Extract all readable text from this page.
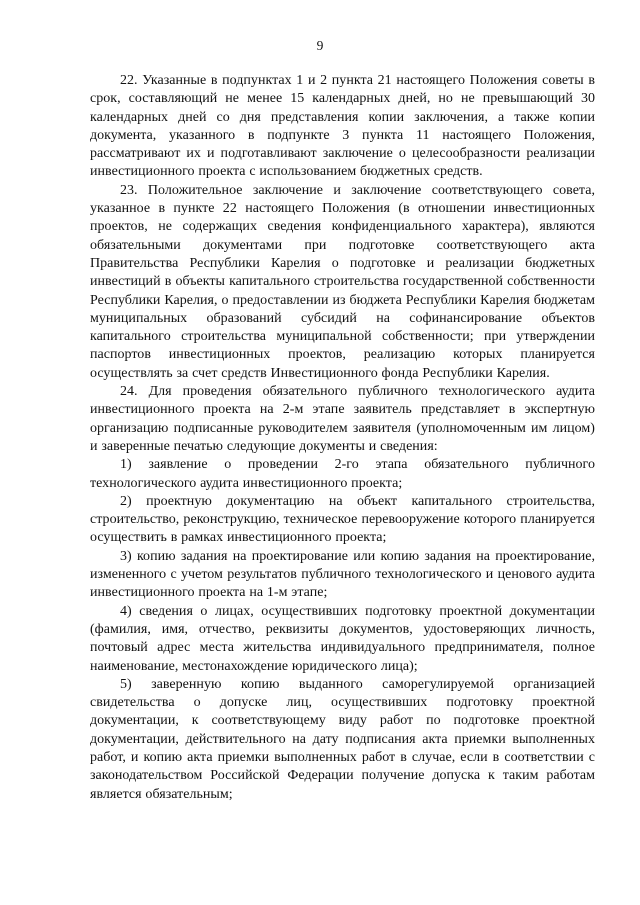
9

22. Указанные в подпунктах 1 и 2 пункта 21 настоящего Положения советы в срок, составляющий не менее 15 календарных дней, но не превышающий 30 календарных дней со дня представления копии заключения, а также копии документа, указанного в подпункте 3 пункта 11 настоящего Положения, рассматривают их и подготавливают заключение о целесообразности реализации инвестиционного проекта с использованием бюджетных средств.

23. Положительное заключение и заключение соответствующего совета, указанное в пункте 22 настоящего Положения (в отношении инвестиционных проектов, не содержащих сведения конфиденциального характера), являются обязательными документами при подготовке соответствующего акта Правительства Республики Карелия о подготовке и реализации бюджетных инвестиций в объекты капитального строительства государственной собственности Республики Карелия, о предоставлении из бюджета Республики Карелия бюджетам муниципальных образований субсидий на софинансирование объектов капитального строительства муниципальной собственности; при утверждении паспортов инвестиционных проектов, реализацию которых планируется осуществлять за счет средств Инвестиционного фонда Республики Карелия.

24. Для проведения обязательного публичного технологического аудита инвестиционного проекта на 2-м этапе заявитель представляет в экспертную организацию подписанные руководителем заявителя (уполномоченным им лицом) и заверенные печатью следующие документы и сведения:

1) заявление о проведении 2-го этапа обязательного публичного технологического аудита инвестиционного проекта;

2) проектную документацию на объект капитального строительства, строительство, реконструкцию, техническое перевооружение которого планируется осуществить в рамках инвестиционного проекта;

3) копию задания на проектирование или копию задания на проектирование, измененного с учетом результатов публичного технологического и ценового аудита инвестиционного проекта на 1-м этапе;

4) сведения о лицах, осуществивших подготовку проектной документации (фамилия, имя, отчество, реквизиты документов, удостоверяющих личность, почтовый адрес места жительства индивидуального предпринимателя, полное наименование, местонахождение юридического лица);

5) заверенную копию выданного саморегулируемой организацией свидетельства о допуске лиц, осуществивших подготовку проектной документации, к соответствующему виду работ по подготовке проектной документации, действительного на дату подписания акта приемки выполненных работ, и копию акта приемки выполненных работ в случае, если в соответствии с законодательством Российской Федерации получение допуска к таким работам является обязательным;
